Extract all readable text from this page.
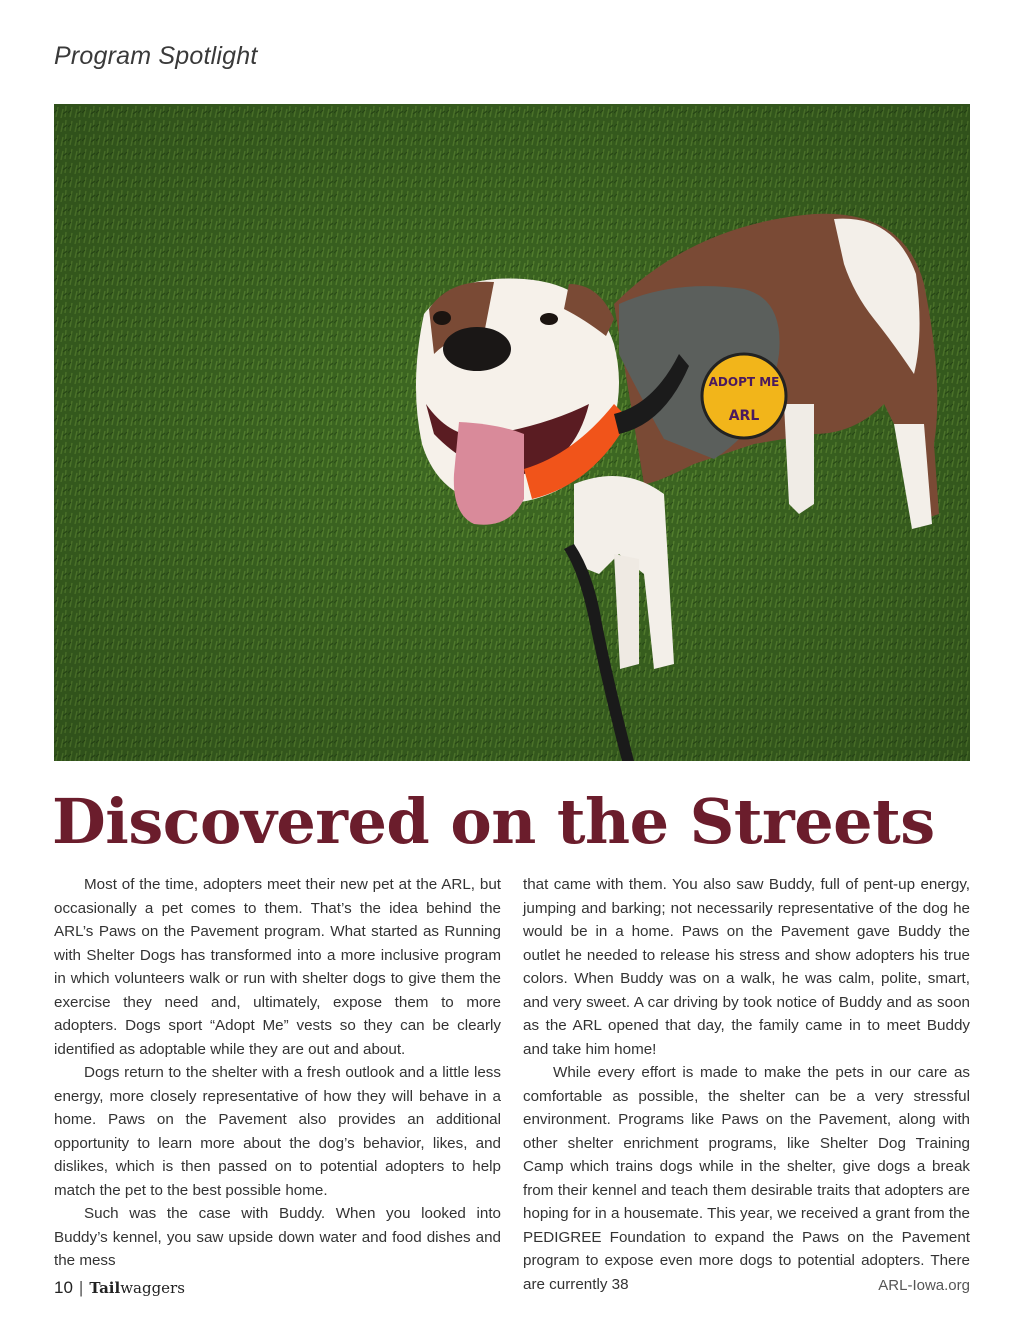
Program Spotlight
ADOPT ME
ARL
Discovered on the Streets

Most of the time, adopters meet their new pet at the ARL, but occasionally a pet comes to them. That’s the idea behind the ARL’s Paws on the Pavement program. What started as Running with Shelter Dogs has transformed into a more inclusive program in which volunteers walk or run with shelter dogs to give them the exercise they need and, ultimately, expose them to more adopters. Dogs sport “Adopt Me” vests so they can be clearly identified as adoptable while they are out and about.

Dogs return to the shelter with a fresh outlook and a little less energy, more closely representative of how they will behave in a home. Paws on the Pavement also provides an additional opportunity to learn more about the dog’s behavior, likes, and dislikes, which is then passed on to potential adopters to help match the pet to the best possible home.

Such was the case with Buddy. When you looked into Buddy’s kennel, you saw upside down water and food dishes and the mess

that came with them. You also saw Buddy, full of pent-up energy, jumping and barking; not necessarily representative of the dog he would be in a home. Paws on the Pavement gave Buddy the outlet he needed to release his stress and show adopters his true colors. When Buddy was on a walk, he was calm, polite, smart, and very sweet. A car driving by took notice of Buddy and as soon as the ARL opened that day, the family came in to meet Buddy and take him home!

While every effort is made to make the pets in our care as comfortable as possible, the shelter can be a very stressful environment. Programs like Paws on the Pavement, along with other shelter enrichment programs, like Shelter Dog Training Camp which trains dogs while in the shelter, give dogs a break from their kennel and teach them desirable traits that adopters are hoping for in a housemate. This year, we received a grant from the PEDIGREE Foundation to expand the Paws on the Pavement program to expose even more dogs to potential adopters. There are currently 38

10 | Tailwaggers	ARL-Iowa.org
